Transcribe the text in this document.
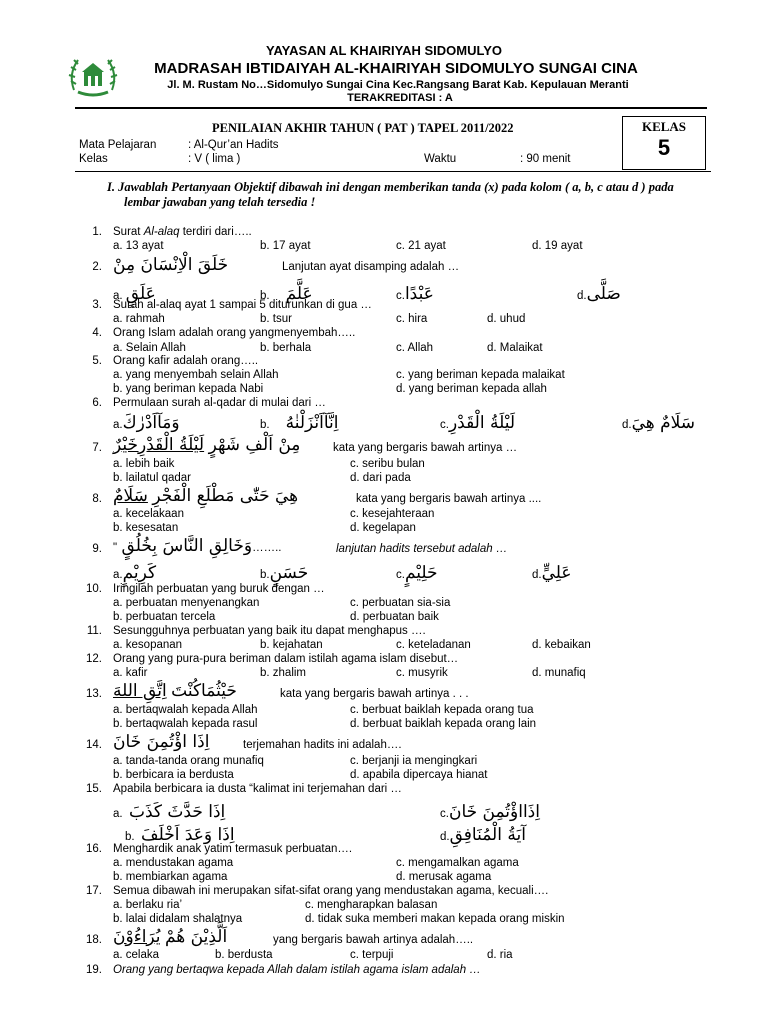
YAYASAN AL KHAIRIYAH SIDOMULYO
MADRASAH IBTIDAIYAH AL-KHAIRIYAH SIDOMULYO SUNGAI CINA
Jl. M. Rustam No…Sidomulyo Sungai Cina Kec.Rangsang Barat Kab. Kepulauan Meranti
TERAKREDITASI : A
PENILAIAN AKHIR TAHUN ( PAT ) TAPEL 2011/2022	KELAS
5
Mata Pelajaran	: Al-Qur’an Hadits
Kelas	: V ( lima )	Waktu	: 90 menit
I. Jawablah Pertanyaan Objektif dibawah ini dengan memberikan tanda (x) pada kolom ( a, b, c atau d ) pada
lembar jawaban yang telah tersedia !
1. Surat Al-alaq terdiri dari…..
a. 13 ayat	b. 17 ayat	c. 21 ayat	d. 19 ayat
2. خَلَقَ الْاِنْسَانَ مِنْ	Lanjutan ayat disamping adalah …
a. عَلَقٍ	b. عَلَّمَ	c.عَبْدًا	d.صَلَّى
3. Surah al-alaq ayat 1 sampai 5 diturunkan di gua …
a. rahmah	b. tsur	c. hira	d. uhud
4. Orang Islam adalah orang yangmenyembah…..
a. Selain Allah	b. berhala	c. Allah	d. Malaikat
5. Orang kafir adalah orang…..
a. yang menyembah selain Allah	c. yang beriman kepada malaikat
b. yang beriman kepada Nabi	d. yang beriman kepada allah
6. Permulaan surah al-qadar di mulai dari …
a.وَمَآاَدْرٰكَ	b. اِنَّآاَنْزَلْنٰهُ	c.لَيْلَةُ الْقَدْرِ	d.سَلَامٌ هِيَ
7. لَيْلَةُ الْقَدْرِخَيْرٌ مِنْ اَلْفِ شَهْرٍ	kata yang bergaris bawah artinya …
a. lebih baik	c. seribu bulan
b. lailatul qadar	d. dari pada
8. سَلَامٌ هِيَ حَتّٰى مَطْلَعِ الْفَجْرِ	kata yang bergaris bawah artinya ....
a. kecelakaan	c. kesejahteraan
b. kesesatan	d. kegelapan
9. " وَخَالِقِ النَّاسَ بِخُلُقٍ……..	lanjutan hadits tersebut adalah …
a.كَرِيْمٍ	b.حَسَنٍ	c.حَلِيْمٍ	d.عَلِيٍّ
10. Iringilah perbuatan yang buruk dengan …
a. perbuatan menyenangkan	c. perbuatan sia-sia
b. perbuatan tercela	d. perbuatan baik
11. Sesungguhnya perbuatan yang baik itu dapat menghapus ….
a. kesopanan	b. kejahatan	c. keteladanan	d. kebaikan
12. Orang yang pura-pura beriman dalam istilah agama islam disebut…
a. kafir	b. zhalim	c. musyrik	d. munafiq
13. اِتَّقِ اللهَ حَيْثُمَاكُنْتَ	kata yang bergaris bawah artinya . . .
a. bertaqwalah kepada Allah	c. berbuat baiklah kepada orang tua
b. bertaqwalah kepada rasul	d. berbuat baiklah kepada orang lain
14. اِذَا اؤْتُمِنَ خَانَ	terjemahan hadits ini adalah….
a. tanda-tanda orang munafiq	c. berjanji ia mengingkari
b. berbicara ia berdusta	d. apabila dipercaya hianat
15. Apabila berbicara ia dusta “kalimat ini terjemahan dari …
a. اِذَا حَدَّثَ كَذَبَ	c.اِذَااؤْتُمِنَ خَانَ
b. اِذَا وَعَدَ اَخْلَفَ	d.آيَةُ الْمُنَافِقِ
16. Menghardik anak yatim termasuk perbuatan….
a. mendustakan agama	c. mengamalkan agama
b. membiarkan agama	d. merusak agama
17. Semua dibawah ini merupakan sifat-sifat orang yang mendustakan agama, kecuali….
a. berlaku ria’	c. mengharapkan balasan
b. lalai didalam shalatnya	d. tidak suka memberi makan kepada orang miskin
18. يُرَاءُوْنَ اَلَّذِيْنَ هُمْ	yang bergaris bawah artinya adalah…..
a. celaka	b. berdusta	c. terpuji	d. ria
19. Orang yang bertaqwa kepada Allah dalam istilah agama islam adalah …
